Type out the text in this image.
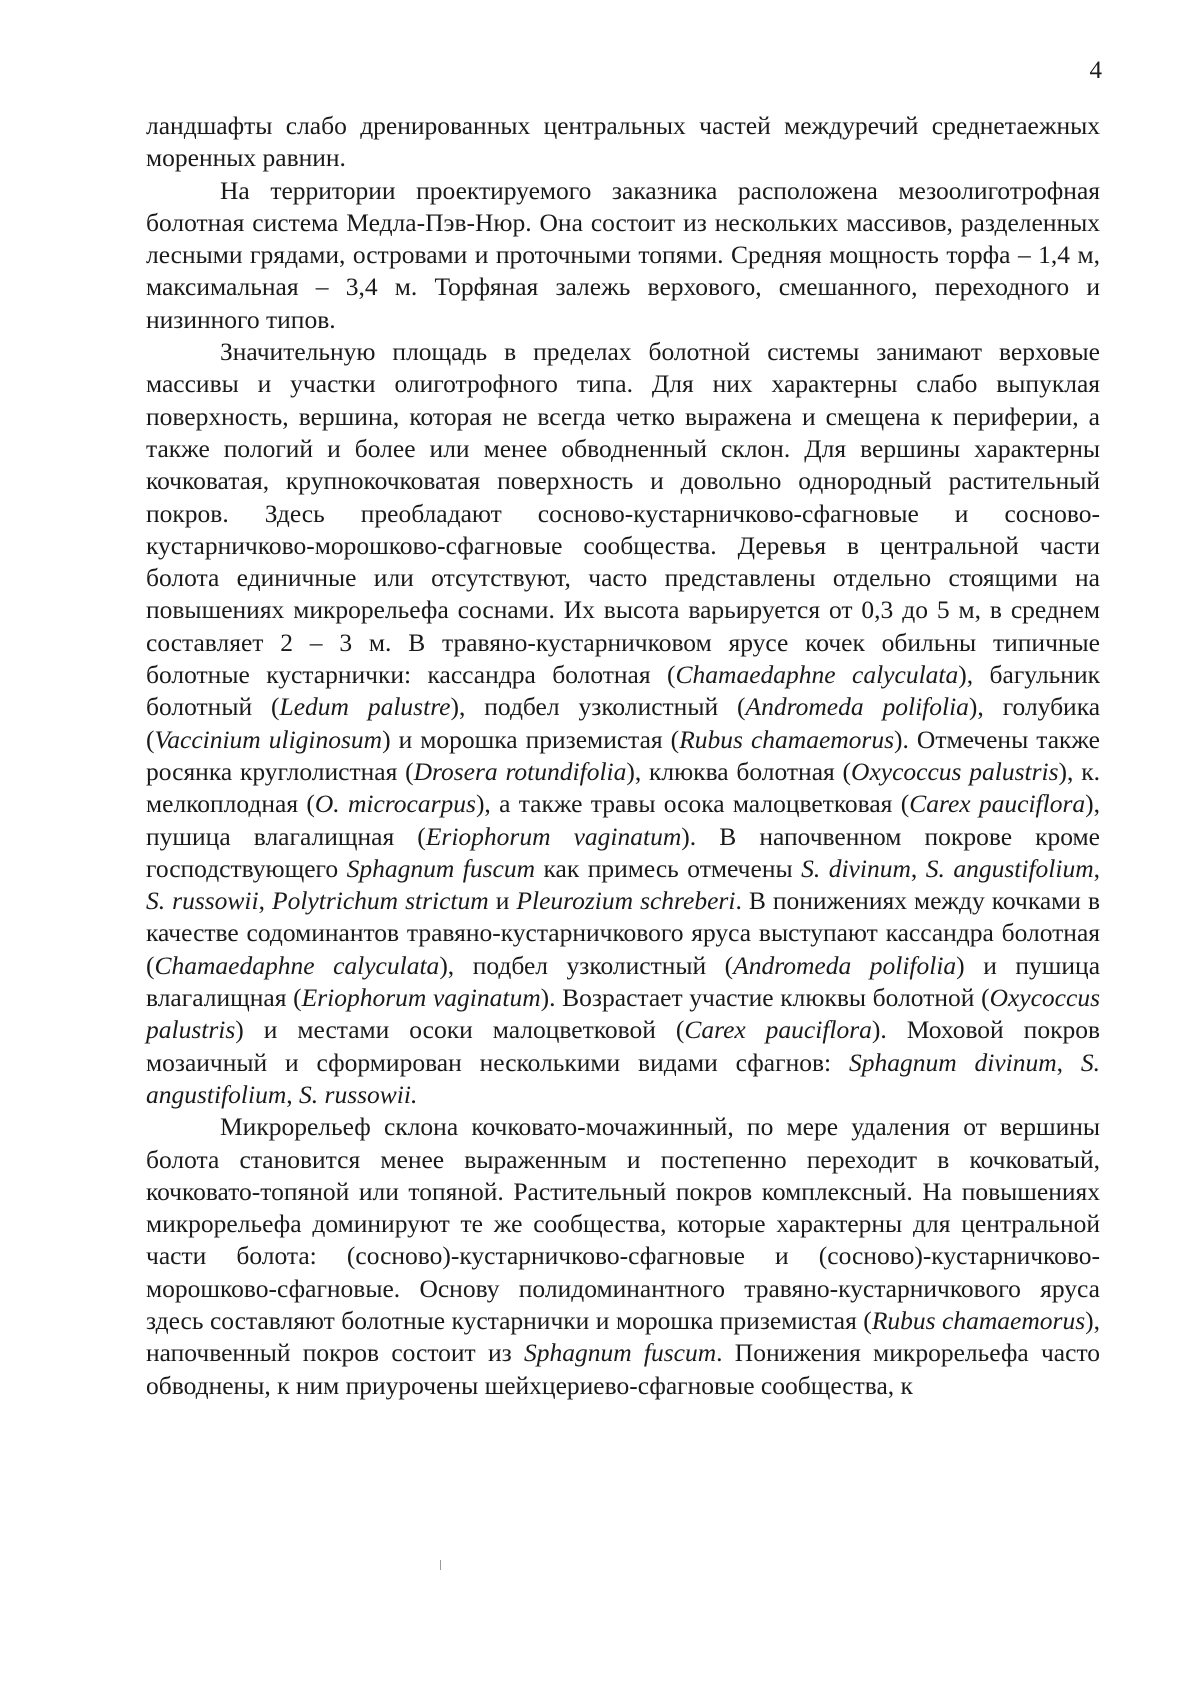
4

ландшафты слабо дренированных центральных частей междуречий среднетаежных моренных равнин.

На территории проектируемого заказника расположена мезоолиготрофная болотная система Медла-Пэв-Нюр. Она состоит из нескольких массивов, разделенных лесными грядами, островами и проточными топями. Средняя мощность торфа – 1,4 м, максимальная – 3,4 м. Торфяная залежь верхового, смешанного, переходного и низинного типов.

Значительную площадь в пределах болотной системы занимают верховые массивы и участки олиготрофного типа. Для них характерны слабо выпуклая поверхность, вершина, которая не всегда четко выражена и смещена к периферии, а также пологий и более или менее обводненный склон. Для вершины характерны кочковатая, крупнокочковатая поверхность и довольно однородный растительный покров. Здесь преобладают сосново-кустарничково-сфагновые и сосново-кустарничково-морошково-сфагновые сообщества. Деревья в центральной части болота единичные или отсутствуют, часто представлены отдельно стоящими на повышениях микрорельефа соснами. Их высота варьируется от 0,3 до 5 м, в среднем составляет 2 – 3 м. В травяно-кустарничковом ярусе кочек обильны типичные болотные кустарнички: кассандра болотная (Chamaedaphne calyculata), багульник болотный (Ledum palustre), подбел узколистный (Andromeda polifolia), голубика (Vaccinium uliginosum) и морошка приземистая (Rubus chamaemorus). Отмечены также росянка круглолистная (Drosera rotundifolia), клюква болотная (Oxycoccus palustris), к. мелкоплодная (O. microcarpus), а также травы осока малоцветковая (Carex pauciflora), пушица влагалищная (Eriophorum vaginatum). В напочвенном покрове кроме господствующего Sphagnum fuscum как примесь отмечены S. divinum, S. angustifolium, S. russowii, Polytrichum strictum и Pleurozium schreberi. В понижениях между кочками в качестве содоминантов травяно-кустарничкового яруса выступают кассандра болотная (Chamaedaphne calyculata), подбел узколистный (Andromeda polifolia) и пушица влагалищная (Eriophorum vaginatum). Возрастает участие клюквы болотной (Oxycoccus palustris) и местами осоки малоцветковой (Carex pauciflora). Моховой покров мозаичный и сформирован несколькими видами сфагнов: Sphagnum divinum, S. angustifolium, S. russowii.

Микрорельеф склона кочковато-мочажинный, по мере удаления от вершины болота становится менее выраженным и постепенно переходит в кочковатый, кочковато-топяной или топяной. Растительный покров комплексный. На повышениях микрорельефа доминируют те же сообщества, которые характерны для центральной части болота: (сосново)-кустарничково-сфагновые и (сосново)-кустарничково-морошково-сфагновые. Основу полидоминантного травяно-кустарничкового яруса здесь составляют болотные кустарнички и морошка приземистая (Rubus chamaemorus), напочвенный покров состоит из Sphagnum fuscum. Понижения микрорельефа часто обводнены, к ним приурочены шейхцериево-сфагновые сообщества, к
